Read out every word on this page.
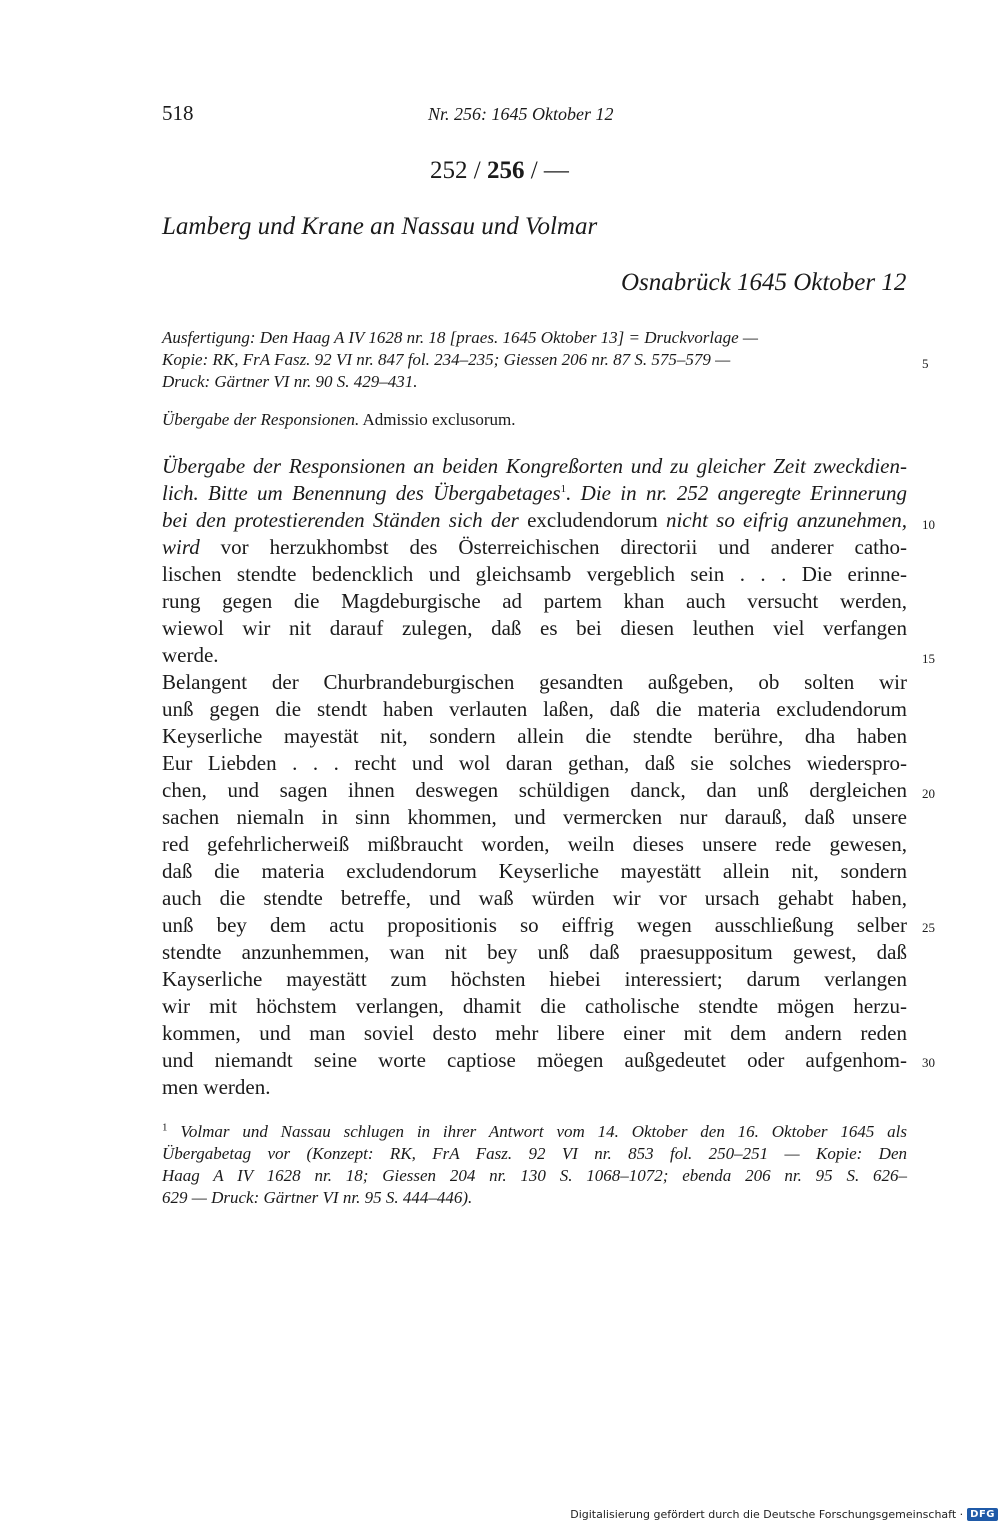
518	Nr. 256: 1645 Oktober 12
252 / 256 / —
Lamberg und Krane an Nassau und Volmar
Osnabrück 1645 Oktober 12
Ausfertigung: Den Haag A IV 1628 nr. 18 [praes. 1645 Oktober 13] = Druckvorlage —
Kopie: RK, FrA Fasz. 92 VI nr. 847 fol. 234–235; Giessen 206 nr. 87 S. 575–579 —
Druck: Gärtner VI nr. 90 S. 429–431.
Übergabe der Responsionen. Admissio exclusorum.
Übergabe der Responsionen an beiden Kongreßorten und zu gleicher Zeit zweckdien-
lich. Bitte um Benennung des Übergabetages$^1$. Die in nr. 252 angeregte Erinnerung
bei den protestierenden Ständen sich der excludendorum nicht so eifrig anzunehmen,
wird vor herzukhombst des Österreichischen directorii und anderer catho-
lischen stendte bedencklich und gleichsamb vergeblich sein . . . Die erinne-
rung gegen die Magdeburgische ad partem khan auch versucht werden,
wiewol wir nit darauf zulegen, daß es bei diesen leuthen viel verfangen
werde.
Belangent der Churbrandeburgischen gesandten außgeben, ob solten wir
unß gegen die stendt haben verlauten laßen, daß die materia excludendorum
Keyserliche mayestät nit, sondern allein die stendte berühre, dha haben
Eur Liebden . . . recht und wol daran gethan, daß sie solches wiederspro-
chen, und sagen ihnen deswegen schüldigen danck, dan unß dergleichen
sachen niemaln in sinn khommen, und vermercken nur darauß, daß unsere
red gefehrlicherweiß mißbraucht worden, weiln dieses unsere rede gewesen,
daß die materia excludendorum Keyserliche mayestätt allein nit, sondern
auch die stendte betreffe, und waß würden wir vor ursach gehabt haben,
unß bey dem actu propositionis so eiffrig wegen ausschließung selber
stendte anzunhemmen, wan nit bey unß daß praesuppositum gewest, daß
Kayserliche mayestätt zum höchsten hiebei interessiert; darum verlangen
wir mit höchstem verlangen, dhamit die catholische stendte mögen herzu-
kommen, und man soviel desto mehr libere einer mit dem andern reden
und niemandt seine worte captiose möegen außgedeutet oder aufgenhom-
men werden.
5
10
15
20
25
30
$^1$ Volmar und Nassau schlugen in ihrer Antwort vom 14. Oktober den 16. Oktober 1645 als
Übergabetag vor (Konzept: RK, FrA Fasz. 92 VI nr. 853 fol. 250–251 — Kopie: Den
Haag A IV 1628 nr. 18; Giessen 204 nr. 130 S. 1068–1072; ebenda 206 nr. 95 S. 626–
629 — Druck: Gärtner VI nr. 95 S. 444–446).
Digitalisierung gefördert durch die Deutsche Forschungsgemeinschaft · DFG
